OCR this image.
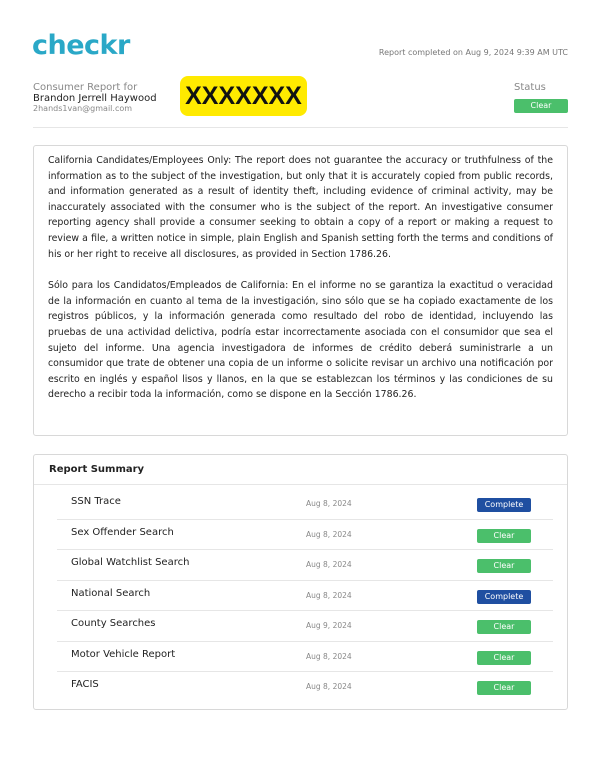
checkr	Report completed on Aug 9, 2024 9:39 AM UTC
Consumer Report for
Brandon Jerrell Haywood
2hands1van@gmail.com	XXXXXXX	Status
Clear

California Candidates/Employees Only: The report does not guarantee the accuracy or truthfulness of the information as to the subject of the investigation, but only that it is accurately copied from public records, and information generated as a result of identity theft, including evidence of criminal activity, may be inaccurately associated with the consumer who is the subject of the report. An investigative consumer reporting agency shall provide a consumer seeking to obtain a copy of a report or making a request to review a file, a written notice in simple, plain English and Spanish setting forth the terms and conditions of his or her right to receive all disclosures, as provided in Section 1786.26.

Sólo para los Candidatos/Empleados de California: En el informe no se garantiza la exactitud o veracidad de la información en cuanto al tema de la investigación, sino sólo que se ha copiado exactamente de los registros públicos, y la información generada como resultado del robo de identidad, incluyendo las pruebas de una actividad delictiva, podría estar incorrectamente asociada con el consumidor que sea el sujeto del informe. Una agencia investigadora de informes de crédito deberá suministrarle a un consumidor que trate de obtener una copia de un informe o solicite revisar un archivo una notificación por escrito en inglés y español lisos y llanos, en la que se establezcan los términos y las condiciones de su derecho a recibir toda la información, como se dispone en la Sección 1786.26.

Report Summary
SSN Trace	Aug 8, 2024	Complete
Sex Offender Search	Aug 8, 2024	Clear
Global Watchlist Search	Aug 8, 2024	Clear
National Search	Aug 8, 2024	Complete
County Searches	Aug 9, 2024	Clear
Motor Vehicle Report	Aug 8, 2024	Clear
FACIS	Aug 8, 2024	Clear
